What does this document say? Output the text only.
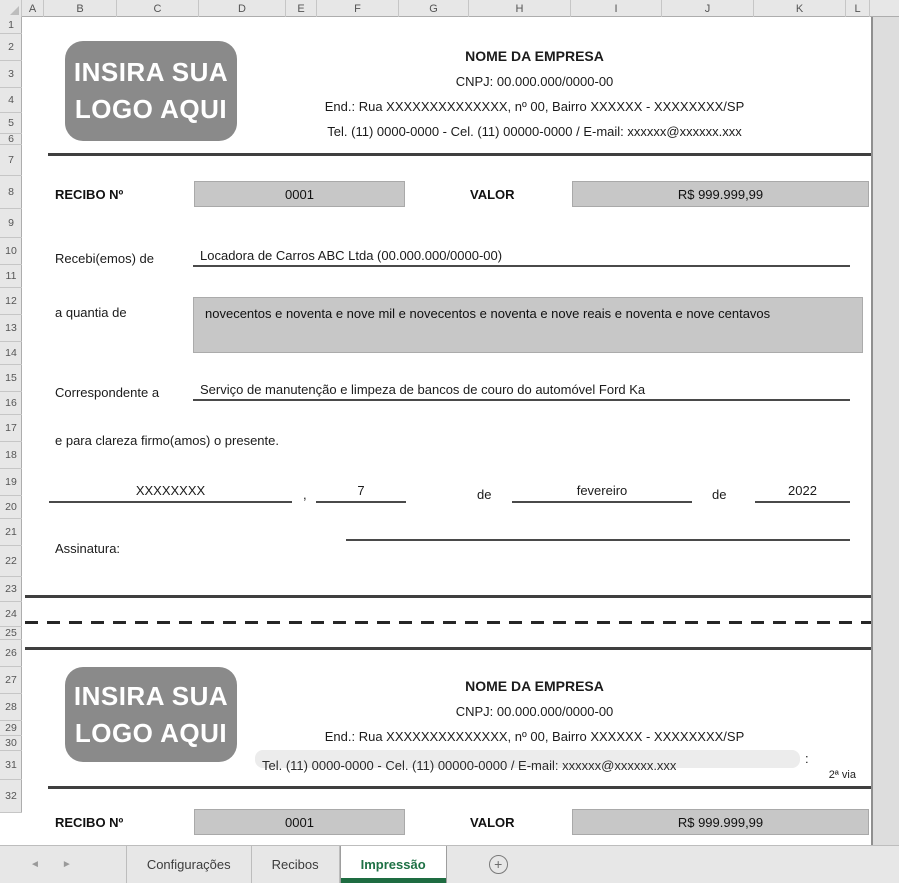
A	B	C	D	E	F	G	H	I	J	K	L
1
2
3
4
5
6
7
8
9
10
11
12
13
14
15
16
17
18
19
20
21
22
23
24
25
26
27
28
29
30
31
32
INSIRA SUA
LOGO AQUI
NOME DA EMPRESA
CNPJ: 00.000.000/0000-00
End.: Rua XXXXXXXXXXXXXX, nº 00, Bairro XXXXXX - XXXXXXXX/SP
Tel. (11) 0000-0000 - Cel. (11) 00000-0000 / E-mail: xxxxxx@xxxxxx.xxx
RECIBO Nº	0001	VALOR	R$ 999.999,99
Recebi(emos) de	Locadora de Carros ABC Ltda (00.000.000/0000-00)
a quantia de	novecentos e noventa e nove mil e novecentos e noventa e nove reais e noventa e nove centavos
Correspondente a	Serviço de manutenção e limpeza de bancos de couro do automóvel Ford Ka
e para clareza firmo(amos) o presente.
XXXXXXXX	,	7	de	fevereiro	de	2022
Assinatura:
INSIRA SUA
LOGO AQUI
NOME DA EMPRESA
CNPJ: 00.000.000/0000-00
End.: Rua XXXXXXXXXXXXXX, nº 00, Bairro XXXXXX - XXXXXXXX/SP
:
Tel. (11) 0000-0000 - Cel. (11) 00000-0000 / E-mail: xxxxxx@xxxxxx.xxx
2ª via
RECIBO Nº	0001	VALOR	R$ 999.999,99
◄ ►	Configurações	Recibos	Impressão	+
